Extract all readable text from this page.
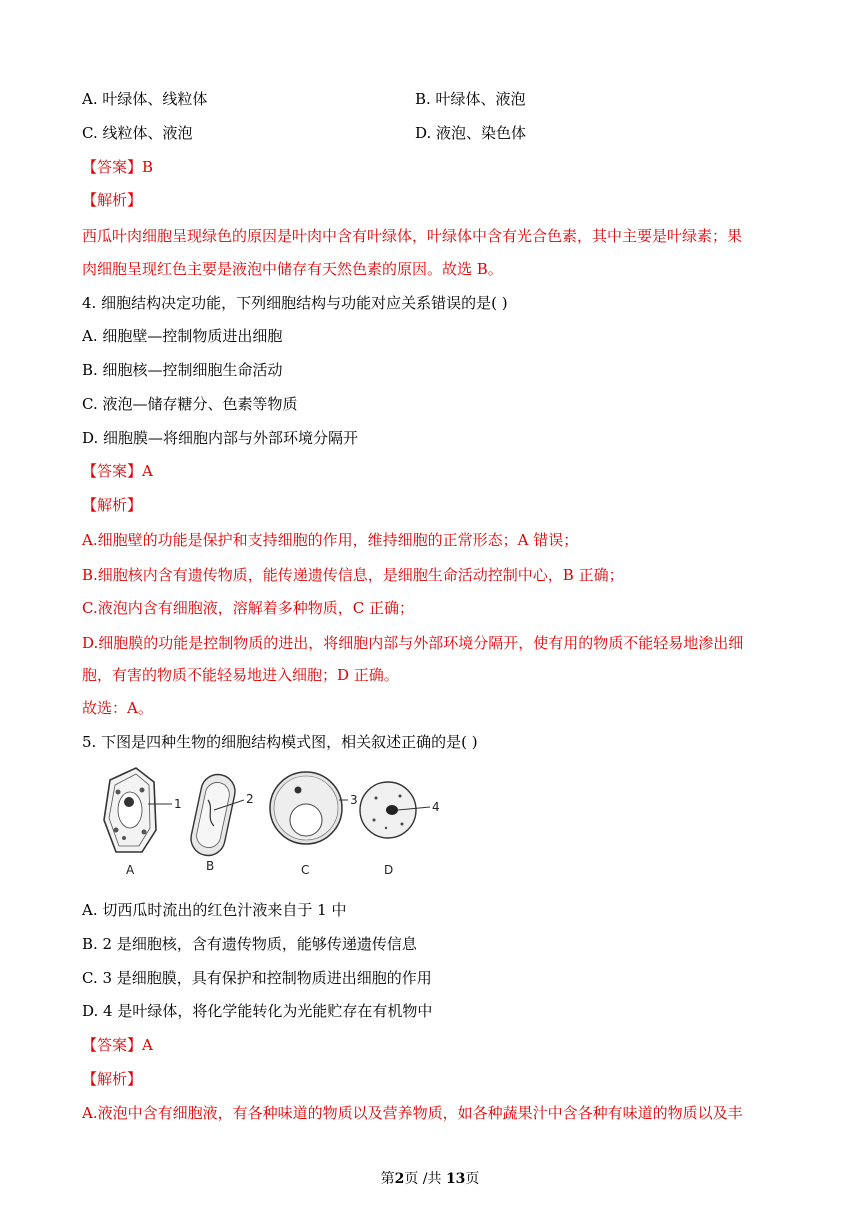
A. 叶绿体、线粒体	B. 叶绿体、液泡
C. 线粒体、液泡	D. 液泡、染色体
【答案】B
【解析】
西瓜叶肉细胞呈现绿色的原因是叶肉中含有叶绿体，叶绿体中含有光合色素，其中主要是叶绿素；果
肉细胞呈现红色主要是液泡中储存有天然色素的原因。故选 B。
4. 细胞结构决定功能，下列细胞结构与功能对应关系错误的是( )
A. 细胞壁—控制物质进出细胞
B. 细胞核—控制细胞生命活动
C. 液泡—储存糖分、色素等物质
D. 细胞膜—将细胞内部与外部环境分隔开
【答案】A
【解析】
A.细胞壁的功能是保护和支持细胞的作用，维持细胞的正常形态；A 错误；
B.细胞核内含有遗传物质，能传递遗传信息，是细胞生命活动控制中心，B 正确；
C.液泡内含有细胞液，溶解着多种物质，C 正确；
D.细胞膜的功能是控制物质的进出，将细胞内部与外部环境分隔开，使有用的物质不能轻易地渗出细
胞，有害的物质不能轻易地进入细胞；D 正确。
故选：A。
5. 下图是四种生物的细胞结构模式图，相关叙述正确的是( )
1
A
2
B
3
C
4
D
A. 切西瓜时流出的红色汁液来自于 1 中
B. 2 是细胞核，含有遗传物质，能够传递遗传信息
C. 3 是细胞膜，具有保护和控制物质进出细胞的作用
D. 4 是叶绿体，将化学能转化为光能贮存在有机物中
【答案】A
【解析】
A.液泡中含有细胞液，有各种味道的物质以及营养物质，如各种蔬果汁中含各种有味道的物质以及丰
第2页 /共 13页
